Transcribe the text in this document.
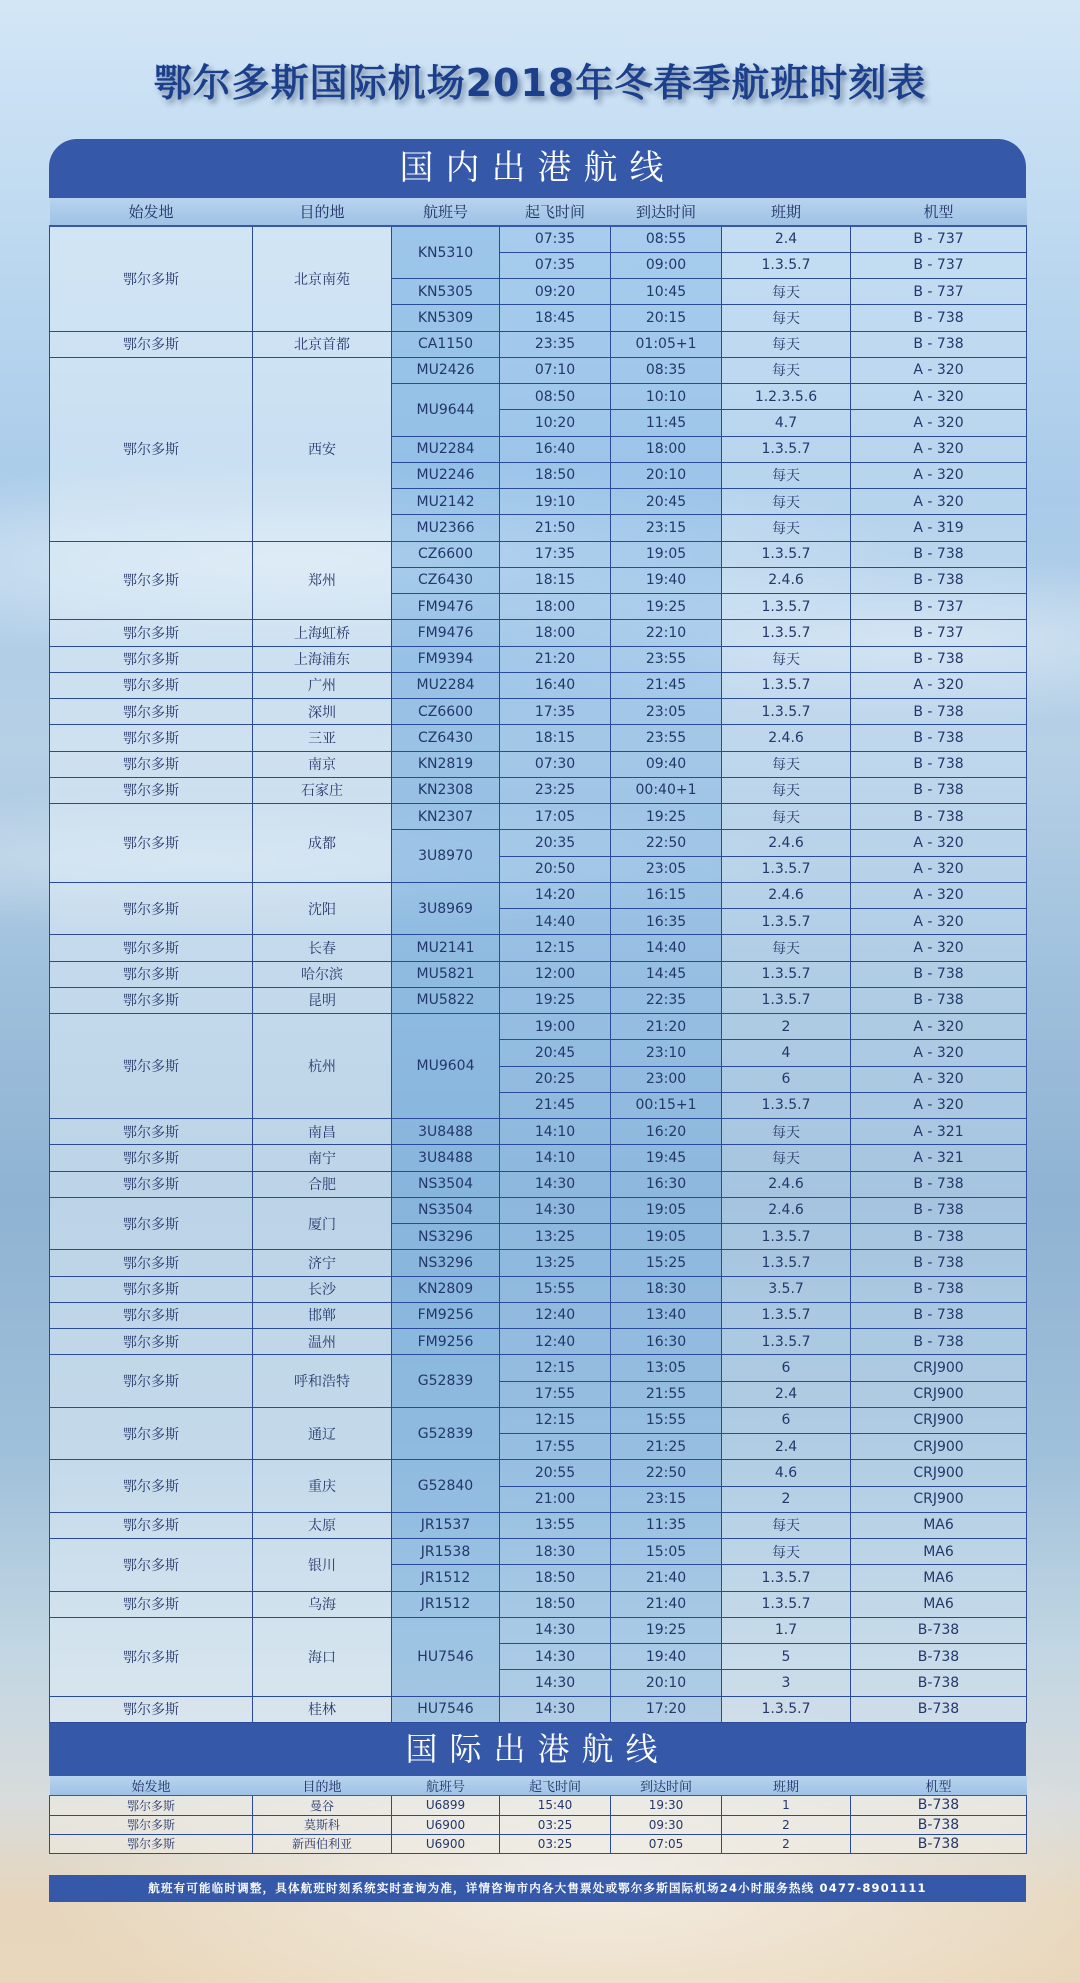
鄂尔多斯国际机场2018年冬春季航班时刻表
国内出港航线
始发地	目的地	航班号	起飞时间	到达时间	班期	机型
鄂尔多斯	北京南苑	KN5310	07:35	08:55	2.4	B - 737
			07:35	09:00	1.3.5.7	B - 737
		KN5305	09:20	10:45	每天	B - 737
		KN5309	18:45	20:15	每天	B - 738
鄂尔多斯	北京首都	CA1150	23:35	01:05+1	每天	B - 738
鄂尔多斯	西安	MU2426	07:10	08:35	每天	A - 320
		MU9644	08:50	10:10	1.2.3.5.6	A - 320
			10:20	11:45	4.7	A - 320
		MU2284	16:40	18:00	1.3.5.7	A - 320
		MU2246	18:50	20:10	每天	A - 320
		MU2142	19:10	20:45	每天	A - 320
		MU2366	21:50	23:15	每天	A - 319
鄂尔多斯	郑州	CZ6600	17:35	19:05	1.3.5.7	B - 738
		CZ6430	18:15	19:40	2.4.6	B - 738
		FM9476	18:00	19:25	1.3.5.7	B - 737
鄂尔多斯	上海虹桥	FM9476	18:00	22:10	1.3.5.7	B - 737
鄂尔多斯	上海浦东	FM9394	21:20	23:55	每天	B - 738
鄂尔多斯	广州	MU2284	16:40	21:45	1.3.5.7	A - 320
鄂尔多斯	深圳	CZ6600	17:35	23:05	1.3.5.7	B - 738
鄂尔多斯	三亚	CZ6430	18:15	23:55	2.4.6	B - 738
鄂尔多斯	南京	KN2819	07:30	09:40	每天	B - 738
鄂尔多斯	石家庄	KN2308	23:25	00:40+1	每天	B - 738
鄂尔多斯	成都	KN2307	17:05	19:25	每天	B - 738
		3U8970	20:35	22:50	2.4.6	A - 320
			20:50	23:05	1.3.5.7	A - 320
鄂尔多斯	沈阳	3U8969	14:20	16:15	2.4.6	A - 320
			14:40	16:35	1.3.5.7	A - 320
鄂尔多斯	长春	MU2141	12:15	14:40	每天	A - 320
鄂尔多斯	哈尔滨	MU5821	12:00	14:45	1.3.5.7	B - 738
鄂尔多斯	昆明	MU5822	19:25	22:35	1.3.5.7	B - 738
鄂尔多斯	杭州	MU9604	19:00	21:20	2	A - 320
			20:45	23:10	4	A - 320
			20:25	23:00	6	A - 320
			21:45	00:15+1	1.3.5.7	A - 320
鄂尔多斯	南昌	3U8488	14:10	16:20	每天	A - 321
鄂尔多斯	南宁	3U8488	14:10	19:45	每天	A - 321
鄂尔多斯	合肥	NS3504	14:30	16:30	2.4.6	B - 738
鄂尔多斯	厦门	NS3504	14:30	19:05	2.4.6	B - 738
		NS3296	13:25	19:05	1.3.5.7	B - 738
鄂尔多斯	济宁	NS3296	13:25	15:25	1.3.5.7	B - 738
鄂尔多斯	长沙	KN2809	15:55	18:30	3.5.7	B - 738
鄂尔多斯	邯郸	FM9256	12:40	13:40	1.3.5.7	B - 738
鄂尔多斯	温州	FM9256	12:40	16:30	1.3.5.7	B - 738
鄂尔多斯	呼和浩特	G52839	12:15	13:05	6	CRJ900
			17:55	21:55	2.4	CRJ900
鄂尔多斯	通辽	G52839	12:15	15:55	6	CRJ900
			17:55	21:25	2.4	CRJ900
鄂尔多斯	重庆	G52840	20:55	22:50	4.6	CRJ900
			21:00	23:15	2	CRJ900
鄂尔多斯	太原	JR1537	13:55	11:35	每天	MA6
鄂尔多斯	银川	JR1538	18:30	15:05	每天	MA6
		JR1512	18:50	21:40	1.3.5.7	MA6
鄂尔多斯	乌海	JR1512	18:50	21:40	1.3.5.7	MA6
鄂尔多斯	海口	HU7546	14:30	19:25	1.7	B-738
			14:30	19:40	5	B-738
			14:30	20:10	3	B-738
鄂尔多斯	桂林	HU7546	14:30	17:20	1.3.5.7	B-738
国际出港航线
始发地	目的地	航班号	起飞时间	到达时间	班期	机型
鄂尔多斯	曼谷	U6899	15:40	19:30	1	B-738
鄂尔多斯	莫斯科	U6900	03:25	09:30	2	B-738
鄂尔多斯	新西伯利亚	U6900	03:25	07:05	2	B-738
航班有可能临时调整，具体航班时刻系统实时查询为准，详情咨询市内各大售票处或鄂尔多斯国际机场24小时服务热线 0477-8901111
